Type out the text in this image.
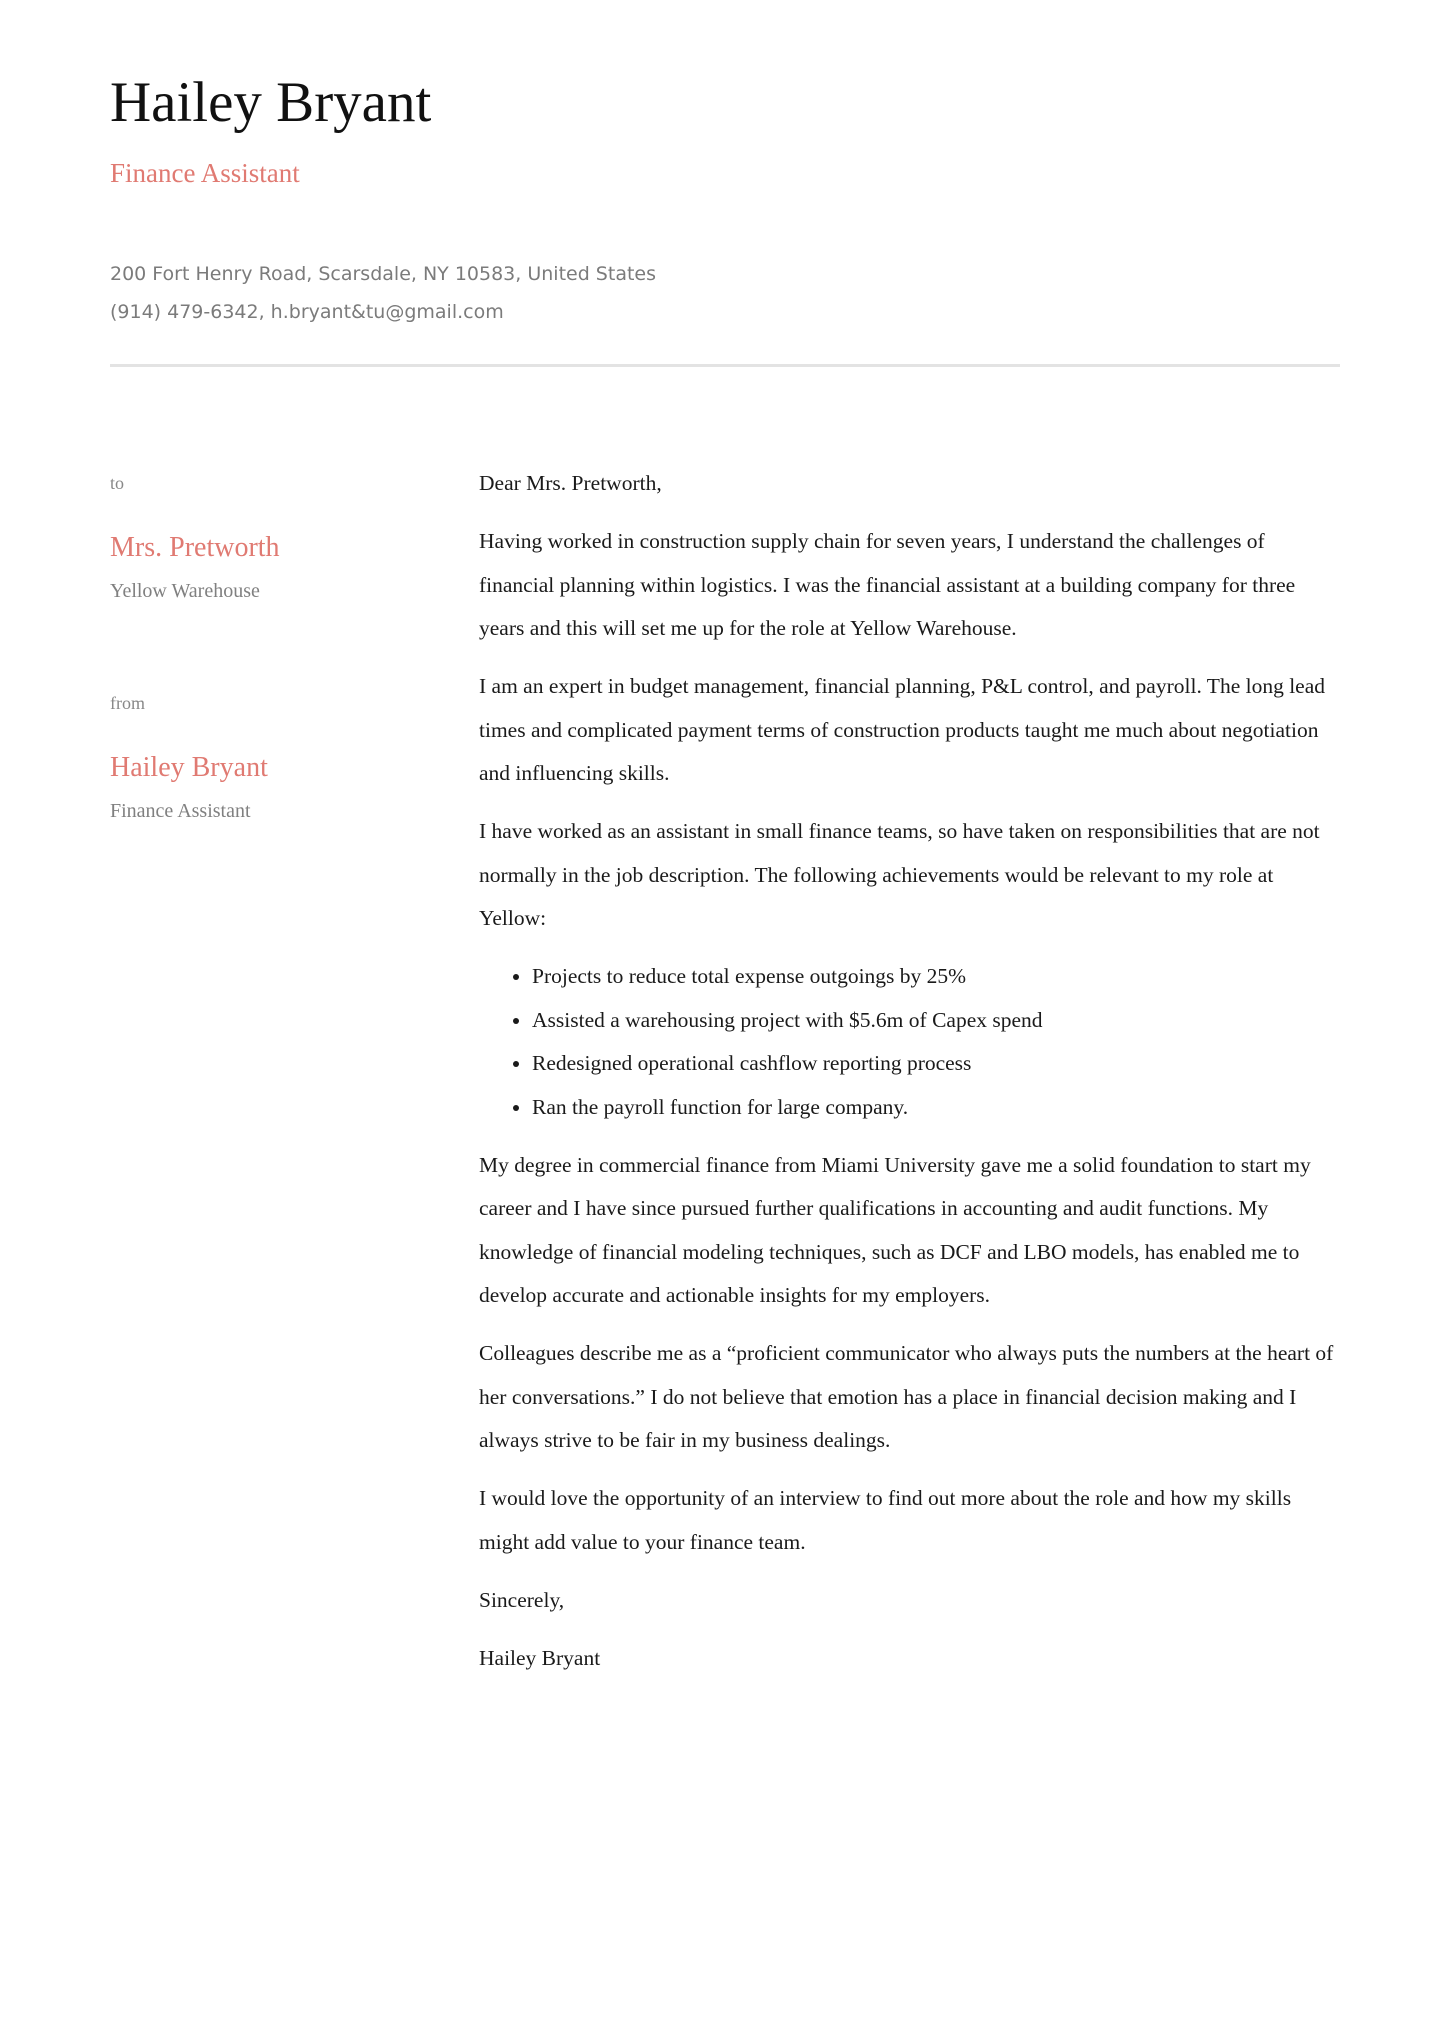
Hailey Bryant
Finance Assistant
200 Fort Henry Road, Scarsdale, NY 10583, United States
(914) 479-6342, h.bryant&tu@gmail.com
to
Mrs. Pretworth
Yellow Warehouse
from
Hailey Bryant
Finance Assistant

Dear Mrs. Pretworth,

Having worked in construction supply chain for seven years, I understand the challenges of financial planning within logistics. I was the financial assistant at a building company for three years and this will set me up for the role at Yellow Warehouse.

I am an expert in budget management, financial planning, P&L control, and payroll. The long lead times and complicated payment terms of construction products taught me much about negotiation and influencing skills.

I have worked as an assistant in small finance teams, so have taken on responsibilities that are not normally in the job description. The following achievements would be relevant to my role at Yellow:

• Projects to reduce total expense outgoings by 25%
• Assisted a warehousing project with $5.6m of Capex spend
• Redesigned operational cashflow reporting process
• Ran the payroll function for large company.

My degree in commercial finance from Miami University gave me a solid foundation to start my career and I have since pursued further qualifications in accounting and audit functions. My knowledge of financial modeling techniques, such as DCF and LBO models, has enabled me to develop accurate and actionable insights for my employers.

Colleagues describe me as a “proficient communicator who always puts the numbers at the heart of her conversations.” I do not believe that emotion has a place in financial decision making and I always strive to be fair in my business dealings.

I would love the opportunity of an interview to find out more about the role and how my skills might add value to your finance team.

Sincerely,

Hailey Bryant
